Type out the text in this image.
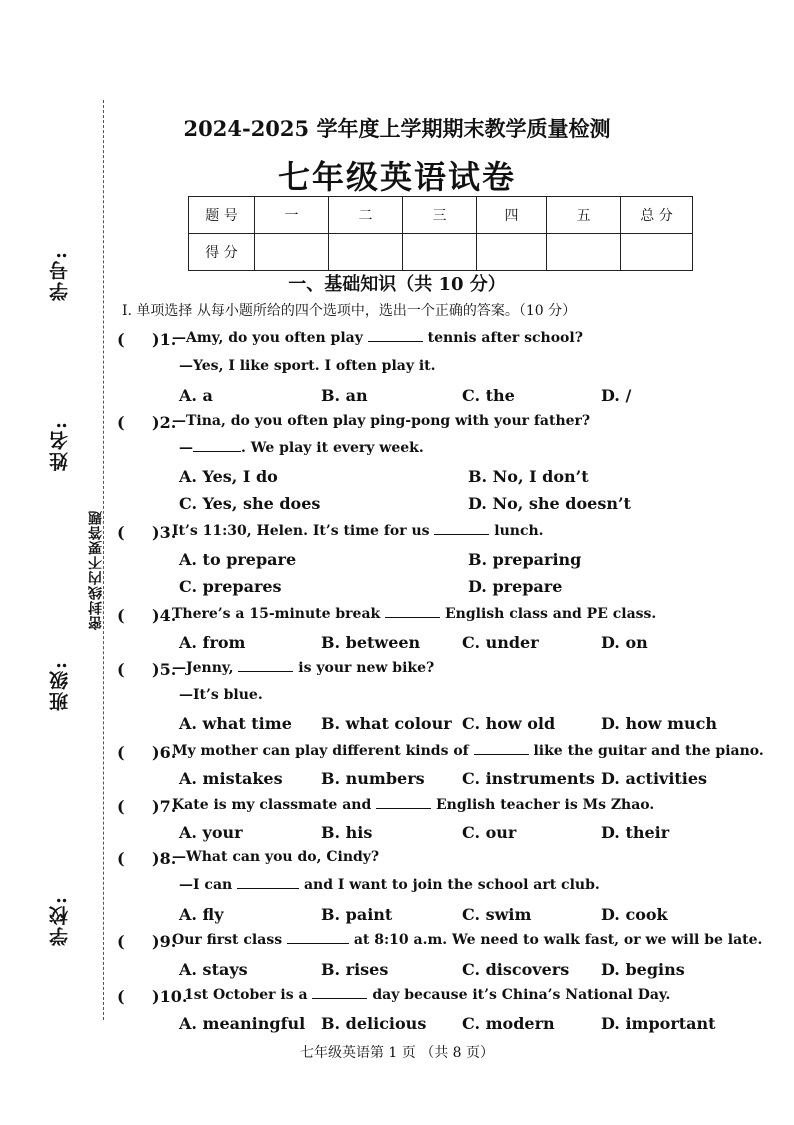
学号:
姓名:
班级:
学校:
密封线内不要答题
2024-2025 学年度上学期期末教学质量检测
七年级英语试卷
题 号	一	二	三	四	五	总 分
得 分						
一、基础知识（共 10 分）
Ⅰ. 单项选择 从每小题所给的四个选项中，选出一个正确的答案。（10 分）
( )1.
—Amy, do you often play	tennis after school?
—Yes, I like sport. I often play it.
A. a	B. an	C. the	D. /
( )2.
—Tina, do you often play ping-pong with your father?
—	. We play it every week.
A. Yes, I do	B. No, I don’t
C. Yes, she does	D. No, she doesn’t
( )3.
It’s 11:30, Helen. It’s time for us	lunch.
A. to prepare	B. preparing
C. prepares	D. prepare
( )4.
There’s a 15-minute break	English class and PE class.
A. from	B. between	C. under	D. on
( )5.
—Jenny,	is your new bike?
—It’s blue.
A. what time B. what colour C. how old	D. how much
( )6.
My mother can play different kinds of	like the guitar and the piano.
A. mistakes B. numbers C. instruments D. activities
( )7.
Kate is my classmate and	English teacher is Ms Zhao.
A. your	B. his	C. our	D. their
( )8.
—What can you do, Cindy?
—I can	and I want to join the school art club.
A. fly	B. paint	C. swim	D. cook
( )9.
Our first class	at 8:10 a.m. We need to walk fast, or we will be late.
A. stays	B. rises	C. discovers D. begins
( )10.
1st October is a	day because it’s China’s National Day.
A. meaningful B. delicious C. modern	D. important
七年级英语第 1 页 （共 8 页）
